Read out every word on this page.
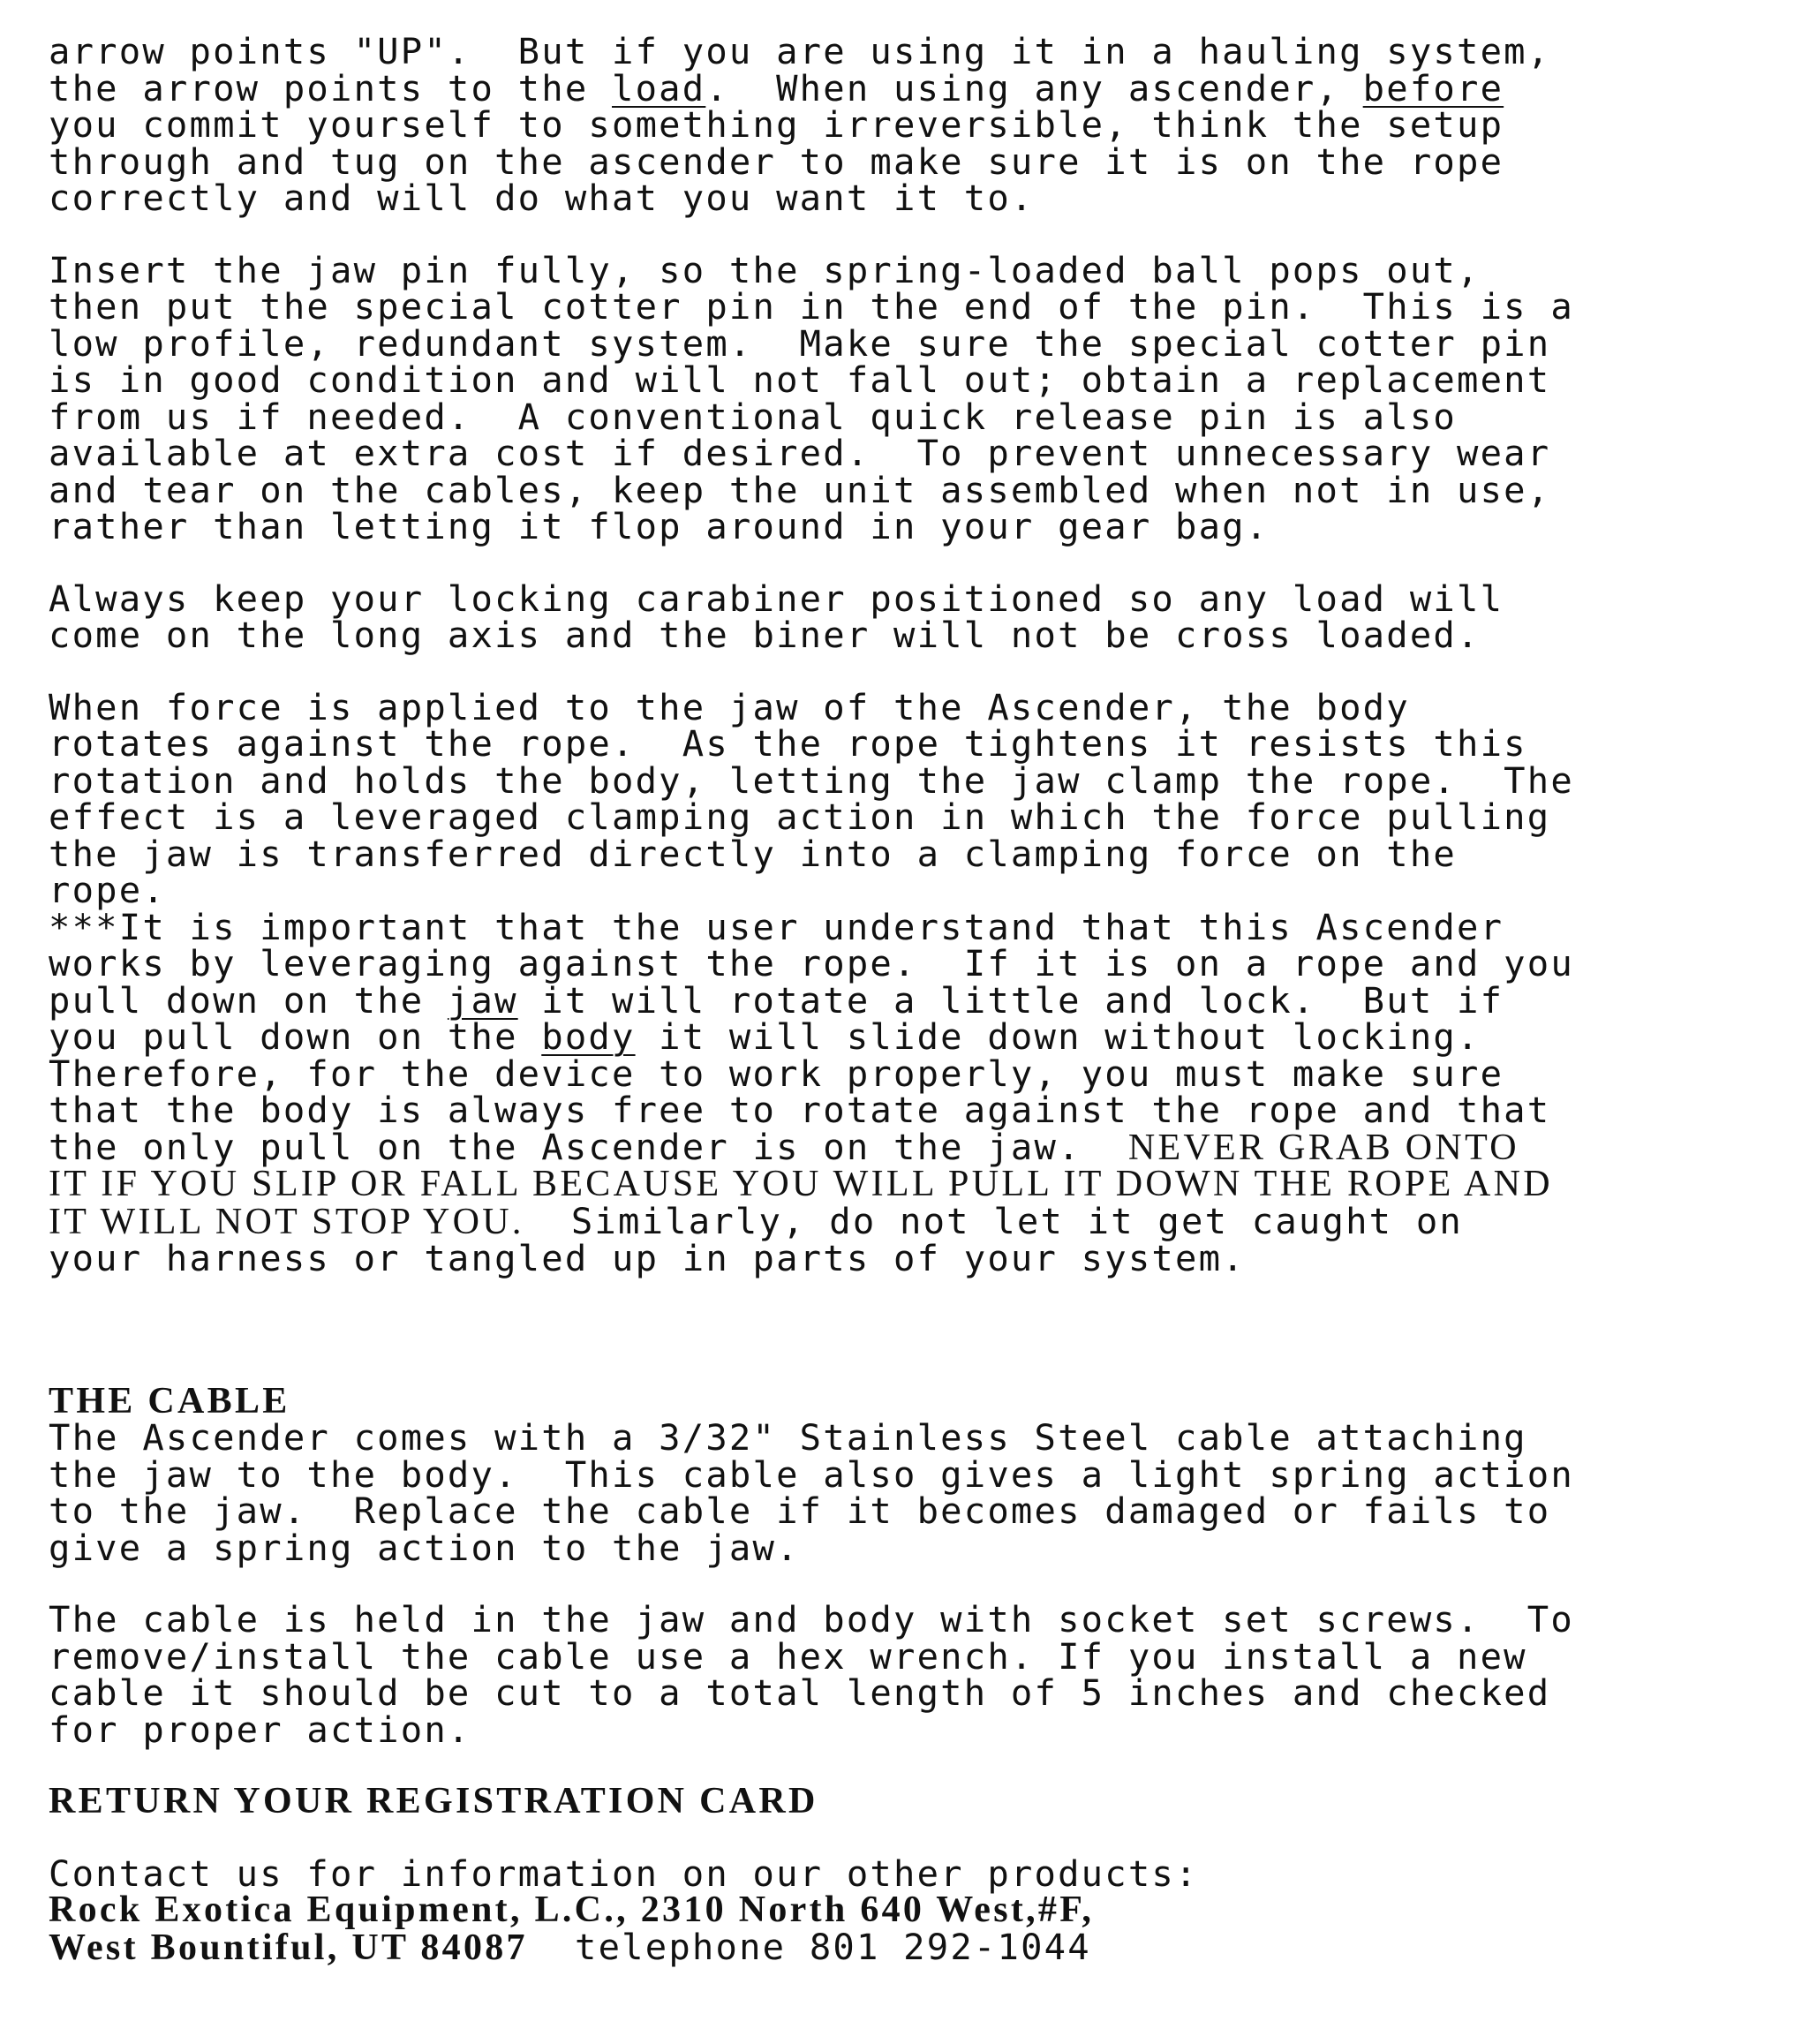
arrow points "UP".  But if you are using it in a hauling system,
the arrow points to the load.  When using any ascender, before
you commit yourself to something irreversible, think the setup
through and tug on the ascender to make sure it is on the rope
correctly and will do what you want it to.
Insert the jaw pin fully, so the spring-loaded ball pops out,
then put the special cotter pin in the end of the pin.  This is a
low profile, redundant system.  Make sure the special cotter pin
is in good condition and will not fall out; obtain a replacement
from us if needed.  A conventional quick release pin is also
available at extra cost if desired.  To prevent unnecessary wear
and tear on the cables, keep the unit assembled when not in use,
rather than letting it flop around in your gear bag.
Always keep your locking carabiner positioned so any load will
come on the long axis and the biner will not be cross loaded.
When force is applied to the jaw of the Ascender, the body
rotates against the rope.  As the rope tightens it resists this
rotation and holds the body, letting the jaw clamp the rope.  The
effect is a leveraged clamping action in which the force pulling
the jaw is transferred directly into a clamping force on the
rope.
***It is important that the user understand that this Ascender
works by leveraging against the rope.  If it is on a rope and you
pull down on the jaw it will rotate a little and lock.  But if
you pull down on the body it will slide down without locking.
Therefore, for the device to work properly, you must make sure
that the body is always free to rotate against the rope and that
the only pull on the Ascender is on the jaw.  NEVER GRAB ONTO
IT IF YOU SLIP OR FALL BECAUSE YOU WILL PULL IT DOWN THE ROPE AND
IT WILL NOT STOP YOU.  Similarly, do not let it get caught on
your harness or tangled up in parts of your system.
THE CABLE
The Ascender comes with a 3/32" Stainless Steel cable attaching
the jaw to the body.  This cable also gives a light spring action
to the jaw.  Replace the cable if it becomes damaged or fails to
give a spring action to the jaw.
The cable is held in the jaw and body with socket set screws.  To
remove/install the cable use a hex wrench. If you install a new
cable it should be cut to a total length of 5 inches and checked
for proper action.
RETURN YOUR REGISTRATION CARD
Contact us for information on our other products:
Rock Exotica Equipment, L.C., 2310 North 640 West,#F,
West Bountiful, UT 84087  telephone 801 292-1044
